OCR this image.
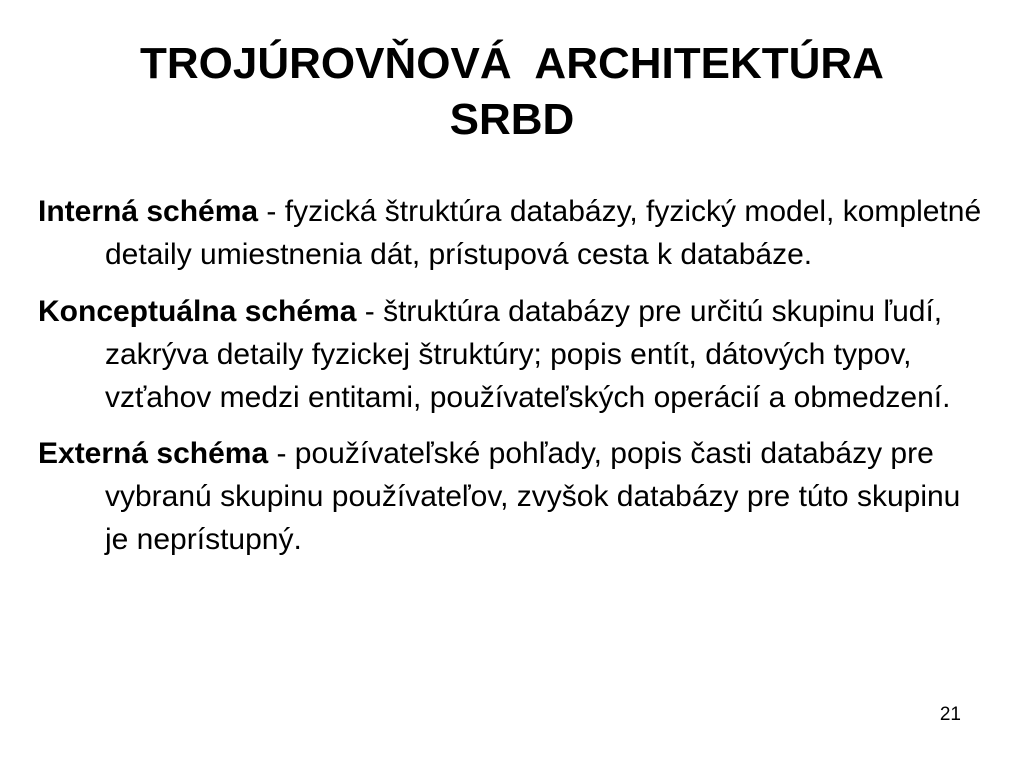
TROJÚROVŇOVÁ  ARCHITEKTÚRA
SRBD

Interná schéma - fyzická štruktúra databázy, fyzický model, kompletné detaily umiestnenia dát, prístupová cesta k databáze.

Konceptuálna schéma - štruktúra databázy pre určitú skupinu ľudí, zakrýva detaily fyzickej štruktúry; popis entít, dátových typov, vzťahov medzi entitami, používateľských operácií a obmedzení.

Externá schéma - používateľské pohľady, popis časti databázy pre vybranú skupinu používateľov, zvyšok databázy pre túto skupinu je neprístupný.

21
